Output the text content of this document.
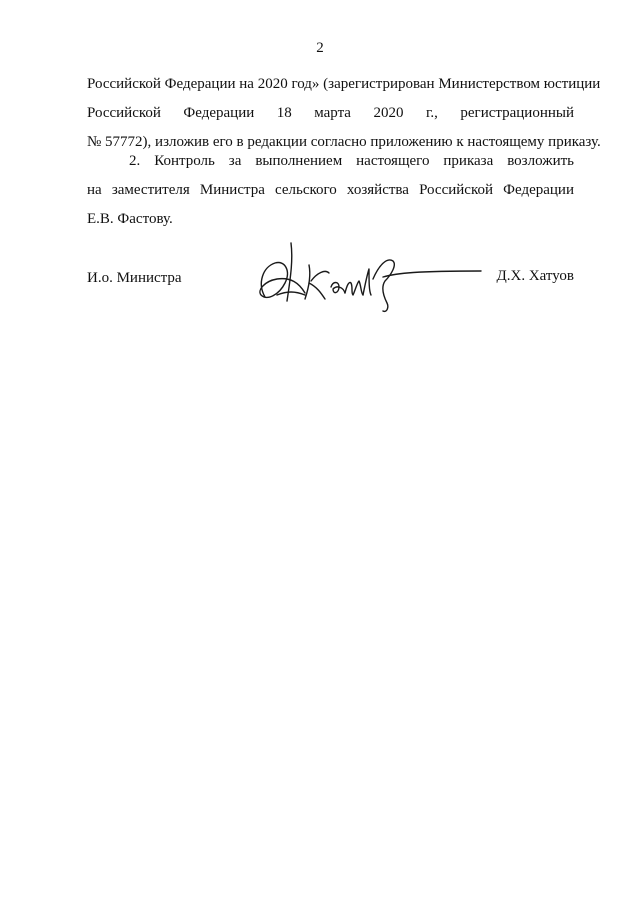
2
Российской Федерации на 2020 год» (зарегистрирован Министерством юстиции
Российской Федерации 18 марта 2020 г., регистрационный
№ 57772), изложив его в редакции согласно приложению к настоящему приказу.
2. Контроль за выполнением настоящего приказа возложить
на заместителя Министра сельского хозяйства Российской Федерации
Е.В. Фастову.
И.о. Министра	Д.Х. Хатуов
